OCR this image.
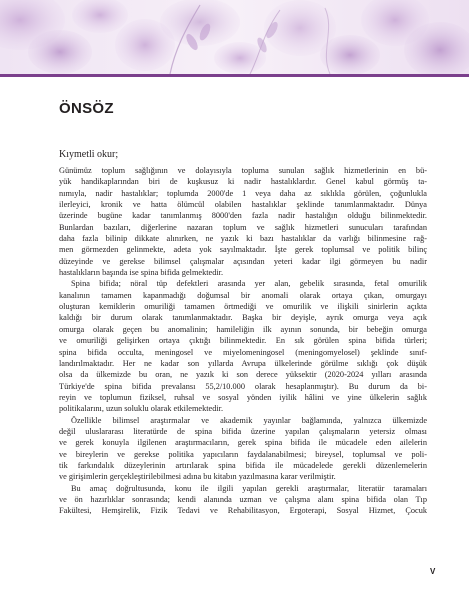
ÖNSÖZ

Kıymetli okur;

Günümüz toplum sağlığının ve dolayısıyla topluma sunulan sağlık hizmetlerinin en bü-
yük handikaplarından biri de kuşkusuz ki nadir hastalıklardır. Genel kabul görmüş ta-
nımıyla, nadir hastalıklar; toplumda 2000'de 1 veya daha az sıklıkla görülen, çoğunlukla
ilerleyici, kronik ve hatta ölümcül olabilen hastalıklar şeklinde tanımlanmaktadır. Dünya
üzerinde bugüne kadar tanımlanmış 8000'den fazla nadir hastalığın olduğu bilinmektedir.
Bunlardan bazıları, diğerlerine nazaran toplum ve sağlık hizmetleri sunucuları tarafından
daha fazla bilinip dikkate alınırken, ne yazık ki bazı hastalıklar da varlığı bilinmesine rağ-
men görmezden gelinmekte, adeta yok sayılmaktadır. İşte gerek toplumsal ve politik bilinç
düzeyinde ve gerekse bilimsel çalışmalar açısından yeteri kadar ilgi görmeyen bu nadir
hastalıkların başında ise spina bifida gelmektedir.
Spina bifida; nöral tüp defektleri arasında yer alan, gebelik sırasında, fetal omurilik
kanalının tamamen kapanmadığı doğumsal bir anomali olarak ortaya çıkan, omurgayı
oluşturan kemiklerin omuriliği tamamen örtmediği ve omurilik ve ilişkili sinirlerin açıkta
kaldığı bir durum olarak tanımlanmaktadır. Başka bir deyişle, ayrık omurga veya açık
omurga olarak geçen bu anomalinin; hamileliğin ilk ayının sonunda, bir bebeğin omurga
ve omuriliği gelişirken ortaya çıktığı bilinmektedir. En sık görülen spina bifida türleri;
spina bifida occulta, meningosel ve miyelomeningosel (meningomyelosel) şeklinde sınıf-
landırılmaktadır. Her ne kadar son yıllarda Avrupa ülkelerinde görülme sıklığı çok düşük
olsa da ülkemizde bu oran, ne yazık ki son derece yüksektir (2020-2024 yılları arasında
Türkiye'de spina bifida prevalansı 55,2/10.000 olarak hesaplanmıştır). Bu durum da bi-
reyin ve toplumun fiziksel, ruhsal ve sosyal yönden iyilik hâlini ve yine ülkelerin sağlık
politikalarını, uzun soluklu olarak etkilemektedir.
Özellikle bilimsel araştırmalar ve akademik yayınlar bağlamında, yalnızca ülkemizde
değil uluslararası literatürde de spina bifida üzerine yapılan çalışmaların yetersiz olması
ve gerek konuyla ilgilenen araştırmacıların, gerek spina bifida ile mücadele eden ailelerin
ve bireylerin ve gerekse politika yapıcıların faydalanabilmesi; bireysel, toplumsal ve poli-
tik farkındalık düzeylerinin artırılarak spina bifida ile mücadelede gerekli düzenlemelerin
ve girişimlerin gerçekleştirilebilmesi adına bu kitabın yazılmasına karar verilmiştir.
Bu amaç doğrultusunda, konu ile ilgili yapılan gerekli araştırmalar, literatür taramaları
ve ön hazırlıklar sonrasında; kendi alanında uzman ve çalışma alanı spina bifida olan Tıp
Fakültesi, Hemşirelik, Fizik Tedavi ve Rehabilitasyon, Ergoterapi, Sosyal Hizmet, Çocuk

V
